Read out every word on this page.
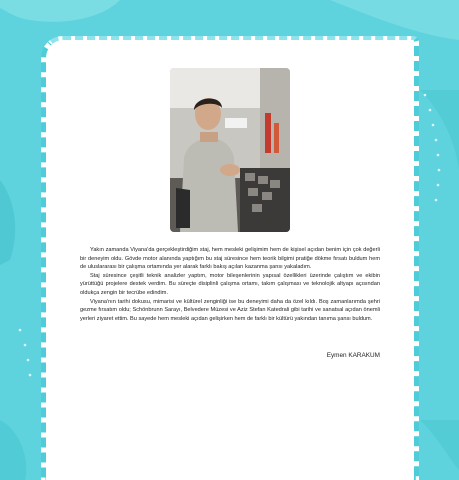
Yakın zamanda Viyana'da gerçekleştirdiğim staj, hem mesleki gelişimim hem de kişisel açıdan benim için çok değerli bir deneyim oldu. Gövde motor alanında yaptığım bu staj süresince hem teorik bilgimi pratiğe dökme fırsatı buldum hem de uluslararası bir çalışma ortamında yer alarak farklı bakış açıları kazanma şansı yakaladım.

Staj süresince çeşitli teknik analizler yaptım, motor bileşenlerinin yapısal özellikleri üzerinde çalıştım ve ekibin yürüttüğü projelere destek verdim. Bu süreçte disiplinli çalışma ortamı, takım çalışması ve teknolojik altyapı açısından oldukça zengin bir tecrübe edindim.

Viyana'nın tarihi dokusu, mimarisi ve kültürel zenginliği ise bu deneyimi daha da özel kıldı. Boş zamanlarımda şehri gezme fırsatım oldu; Schönbrunn Sarayı, Belvedere Müzesi ve Aziz Stefan Katedrali gibi tarihi ve sanatsal açıdan önemli yerleri ziyaret ettim. Bu sayede hem mesleki açıdan gelişirken hem de farklı bir kültürü yakından tanıma şansı buldum.

Eymen KARAKUM
